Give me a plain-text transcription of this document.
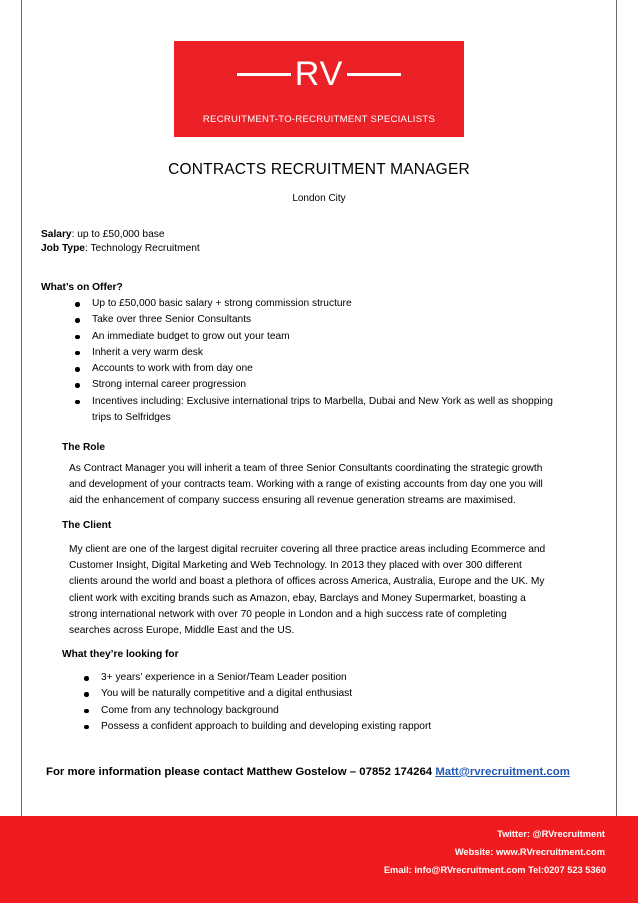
RV
RECRUITMENT-TO-RECRUITMENT SPECIALISTS
CONTRACTS RECRUITMENT MANAGER
London City
Salary: up to £50,000 base
Job Type: Technology Recruitment
What’s on Offer?
Up to £50,000 basic salary + strong commission structure
Take over three Senior Consultants
An immediate budget to grow out your team
Inherit a very warm desk
Accounts to work with from day one
Strong internal career progression
Incentives including: Exclusive international trips to Marbella, Dubai and New York as well as shopping
trips to Selfridges
The Role
As Contract Manager you will inherit a team of three Senior Consultants coordinating the strategic growth
and development of your contracts team. Working with a range of existing accounts from day one you will
aid the enhancement of company success ensuring all revenue generation streams are maximised.
The Client
My client are one of the largest digital recruiter covering all three practice areas including Ecommerce and
Customer Insight, Digital Marketing and Web Technology. In 2013 they placed with over 300 different
clients around the world and boast a plethora of offices across America, Australia, Europe and the UK. My
client work with exciting brands such as Amazon, ebay, Barclays and Money Supermarket, boasting a
strong international network with over 70 people in London and a high success rate of completing
searches across Europe, Middle East and the US.
What they’re looking for
3+ years’ experience in a Senior/Team Leader position
You will be naturally competitive and a digital enthusiast
Come from any technology background
Possess a confident approach to building and developing existing rapport
For more information please contact Matthew Gostelow – 07852 174264 Matt@rvrecruitment.com
Twitter: @RVrecruitment
Website: www.RVrecruitment.com
Email: info@RVrecruitment.com Tel:0207 523 5360
